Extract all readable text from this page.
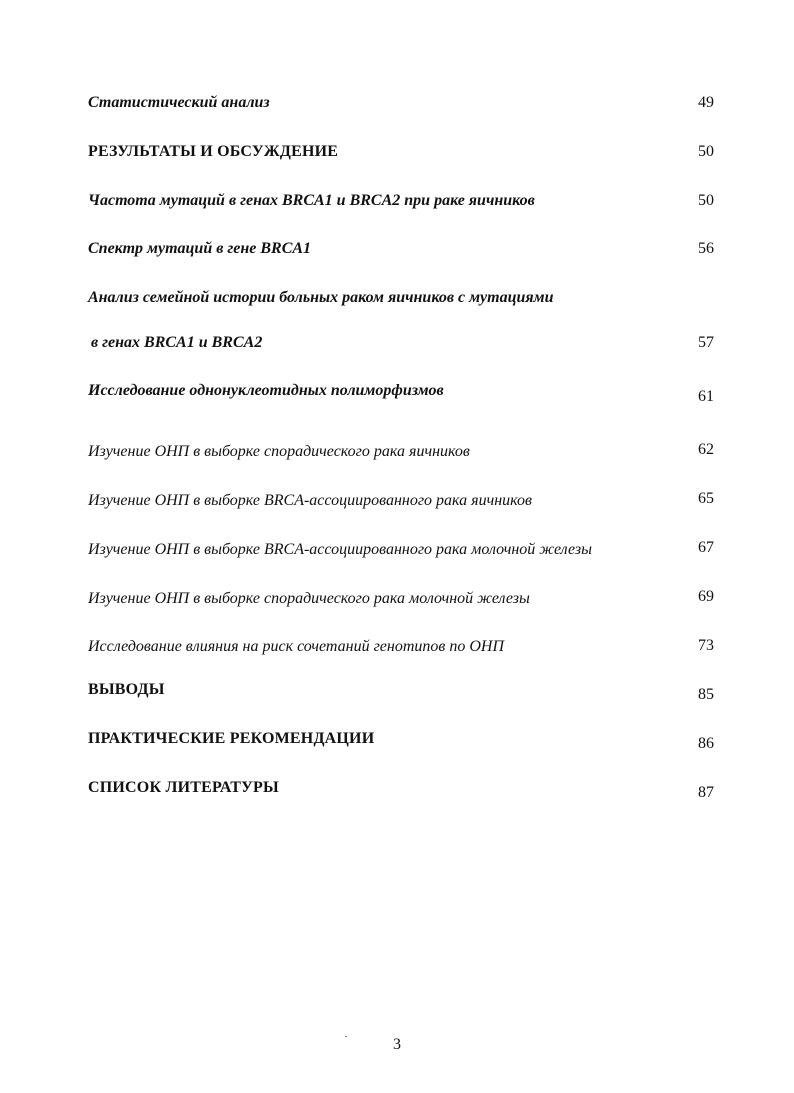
Статистический анализ	49
РЕЗУЛЬТАТЫ И ОБСУЖДЕНИЕ	50
Частота мутаций в генах BRCA1 и BRCA2 при раке яичников	50
Спектр мутаций в гене BRCA1	56
Анализ семейной истории больных раком яичников с мутациями
в генах BRCA1 и BRCA2	57
Исследование однонуклеотидных полиморфизмов	61
Изучение ОНП в выборке спорадического рака яичников	62
Изучение ОНП в выборке BRCA-ассоциированного рака яичников	65
Изучение ОНП в выборке BRCA-ассоциированного рака молочной железы	67
Изучение ОНП в выборке спорадического рака молочной железы	69
Исследование влияния на риск сочетаний генотипов по ОНП	73
ВЫВОДЫ	85
ПРАКТИЧЕСКИЕ РЕКОМЕНДАЦИИ	86
СПИСОК ЛИТЕРАТУРЫ	87
3
